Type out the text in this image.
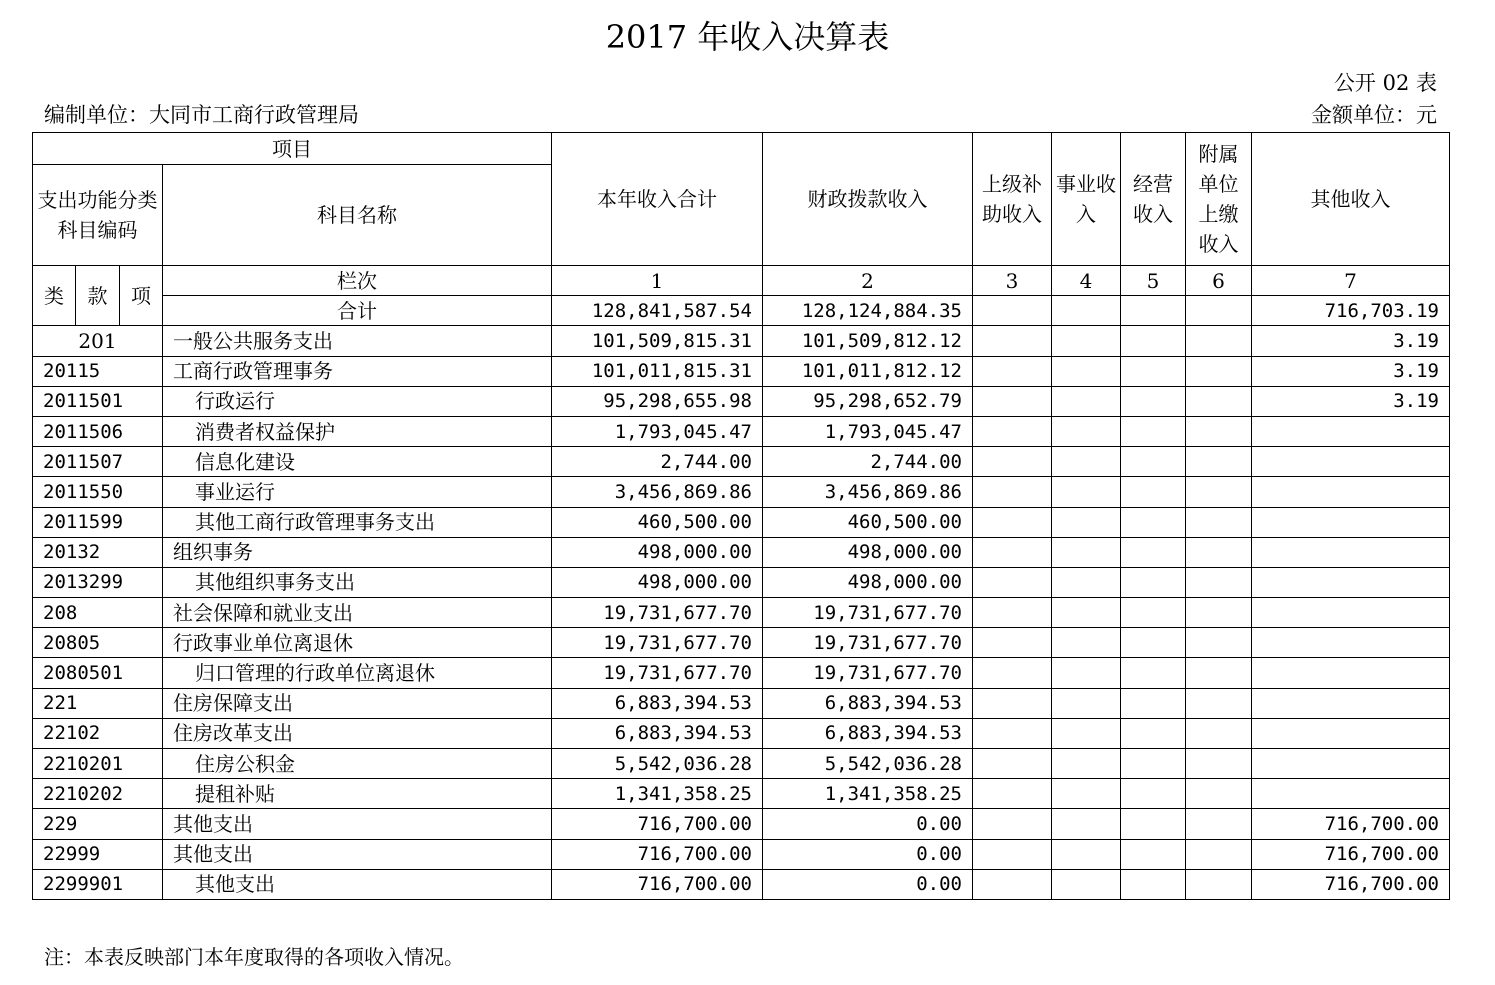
2017 年收入决算表
公开 02 表
编制单位：大同市工商行政管理局	金额单位：元
项目				本年收入合计	财政拨款收入	上级补助收入	事业收入	经营收入	附属单位上缴收入	其他收入
支出功能分类科目编码			科目名称							
类	款	项	栏次	1	2	3	4	5	6	7
			合计	128,841,587.54	128,124,884.35					716,703.19
201			一般公共服务支出	101,509,815.31	101,509,812.12					3.19
20115			工商行政管理事务	101,011,815.31	101,011,812.12					3.19
2011501			行政运行	95,298,655.98	95,298,652.79					3.19
2011506			消费者权益保护	1,793,045.47	1,793,045.47					
2011507			信息化建设	2,744.00	2,744.00					
2011550			事业运行	3,456,869.86	3,456,869.86					
2011599			其他工商行政管理事务支出	460,500.00	460,500.00					
20132			组织事务	498,000.00	498,000.00					
2013299			其他组织事务支出	498,000.00	498,000.00					
208			社会保障和就业支出	19,731,677.70	19,731,677.70					
20805			行政事业单位离退休	19,731,677.70	19,731,677.70					
2080501			归口管理的行政单位离退休	19,731,677.70	19,731,677.70					
221			住房保障支出	6,883,394.53	6,883,394.53					
22102			住房改革支出	6,883,394.53	6,883,394.53					
2210201			住房公积金	5,542,036.28	5,542,036.28					
2210202			提租补贴	1,341,358.25	1,341,358.25					
229			其他支出	716,700.00	0.00					716,700.00
22999			其他支出	716,700.00	0.00					716,700.00
2299901			其他支出	716,700.00	0.00					716,700.00
注：本表反映部门本年度取得的各项收入情况。
